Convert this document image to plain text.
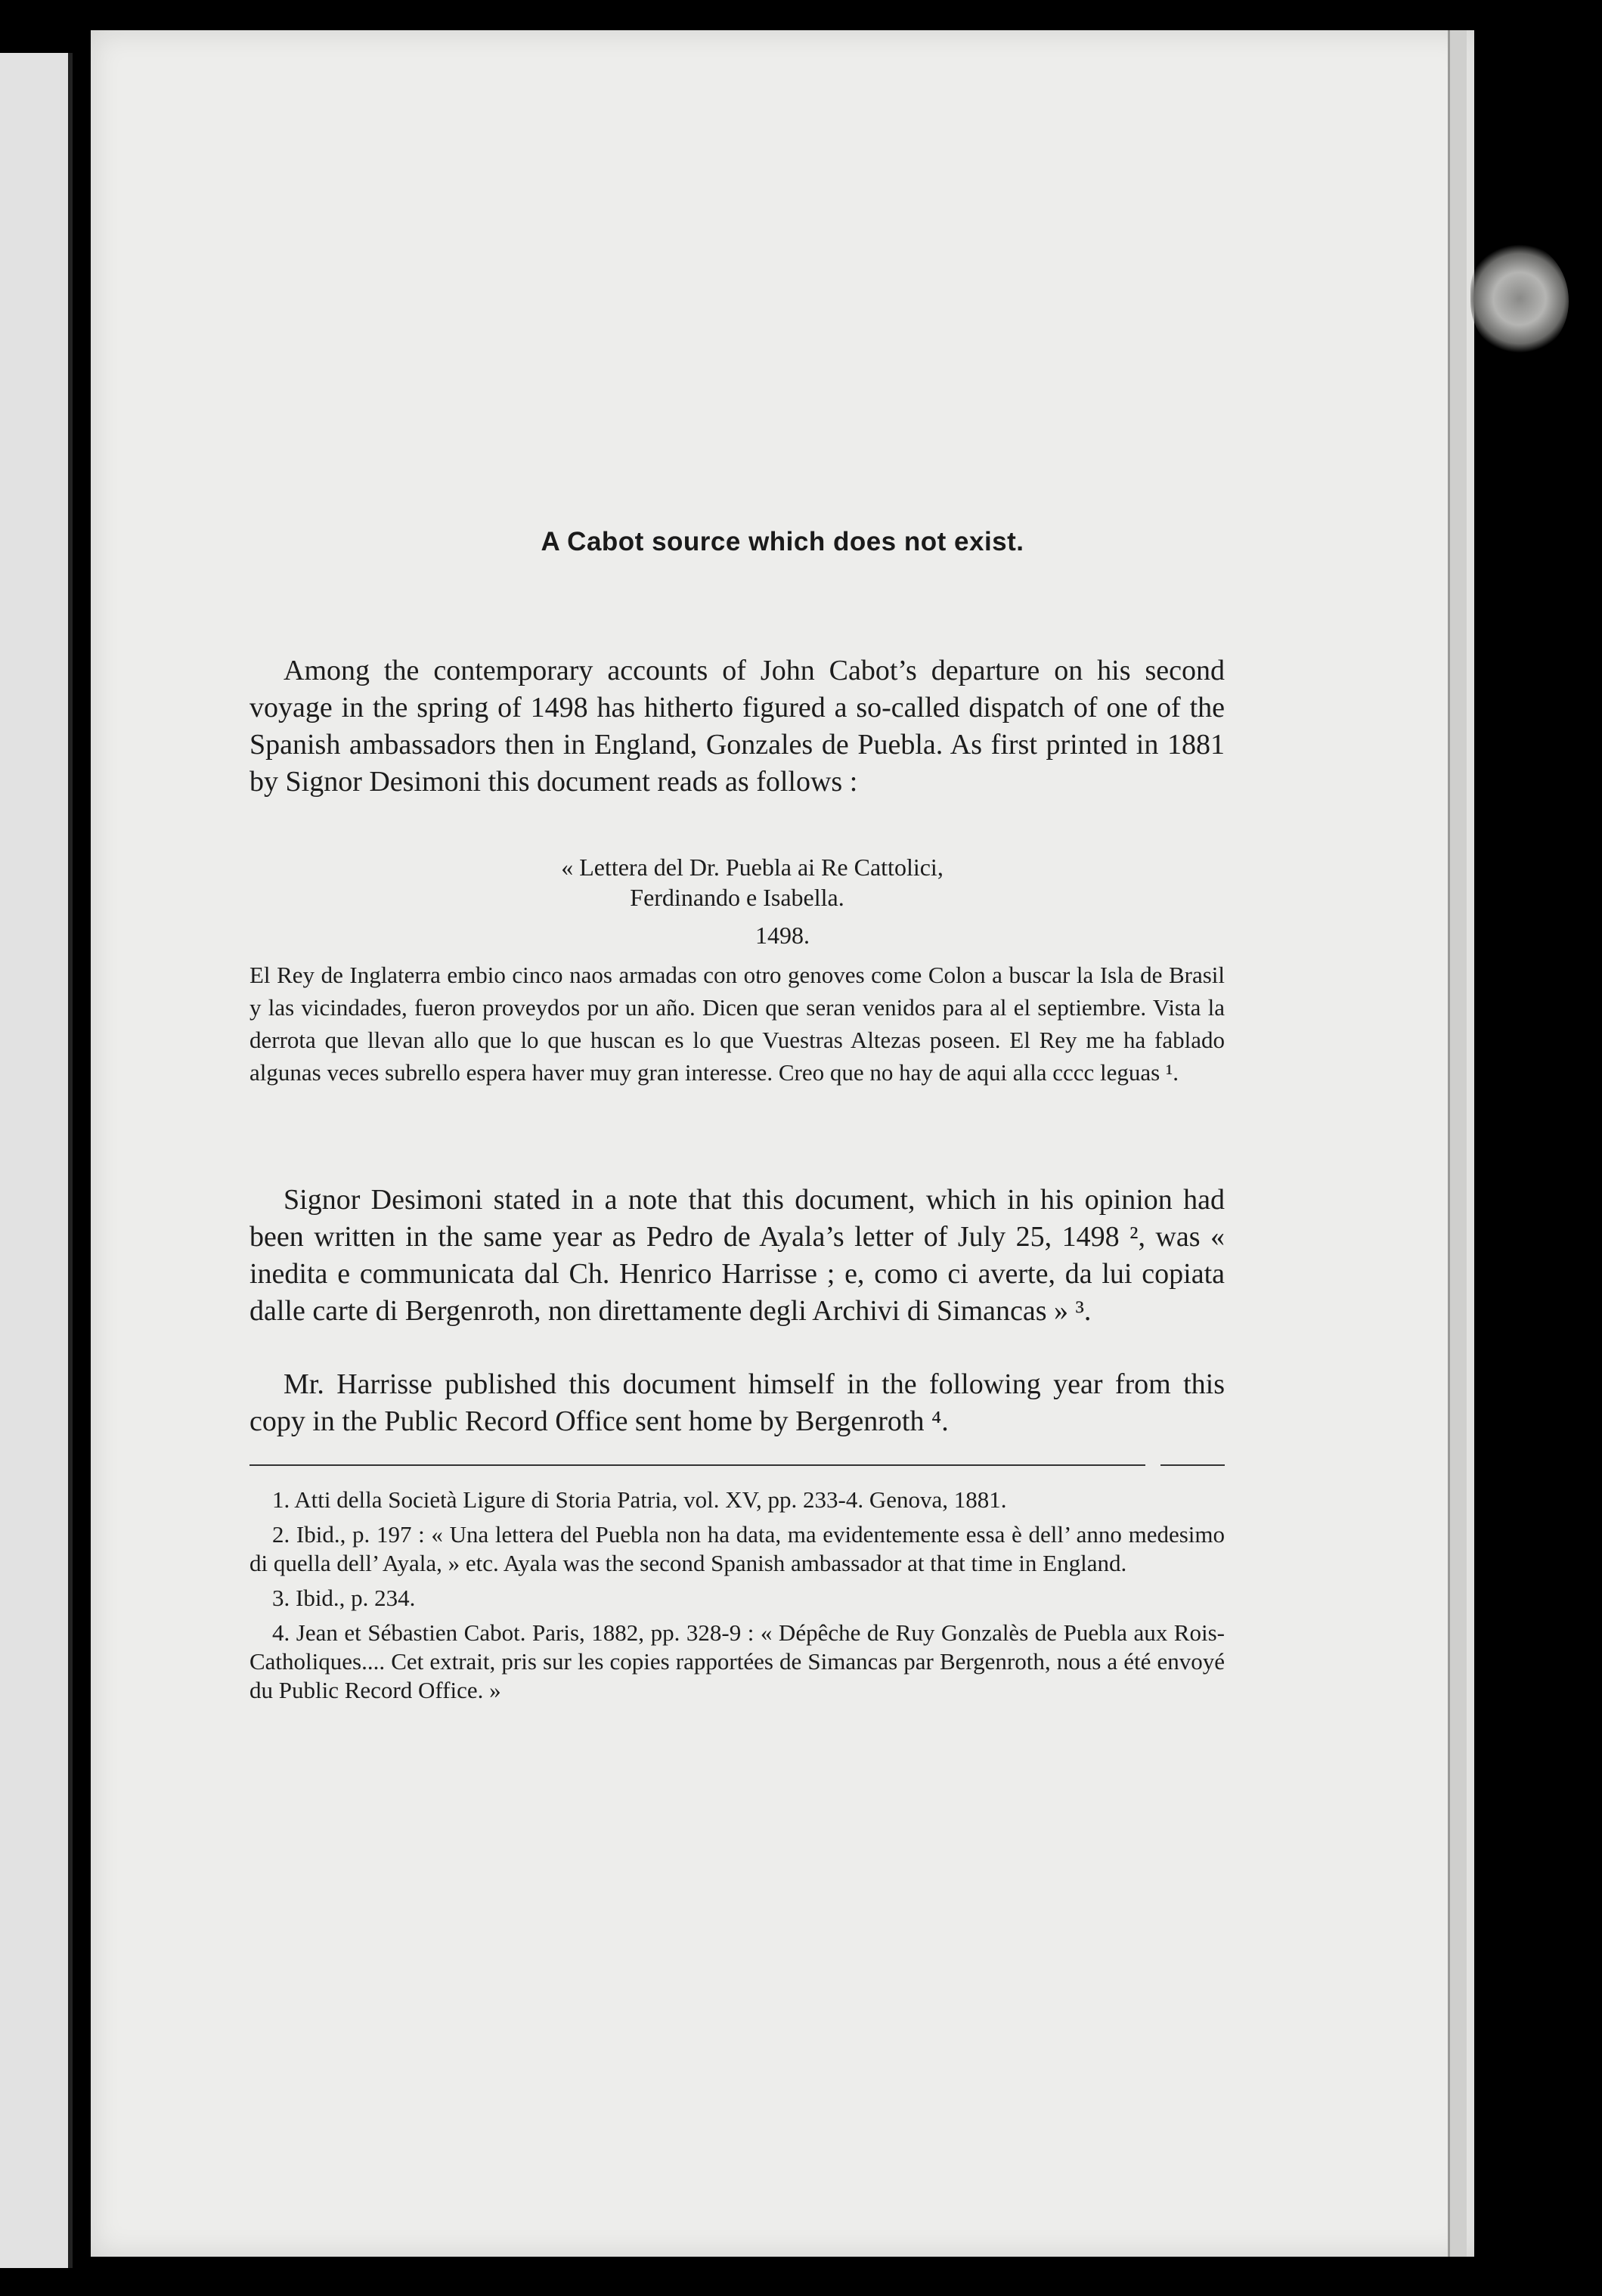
A Cabot source which does not exist.

Among the contemporary accounts of John Cabot’s departure on his second voyage in the spring of 1498 has hitherto figured a so-called dispatch of one of the Spanish ambassadors then in England, Gonzales de Puebla. As first printed in 1881 by Signor Desimoni this document reads as follows :

« Lettera del Dr. Puebla ai Re Cattolici,
Ferdinando e Isabella.
1498.

El Rey de Inglaterra embio cinco naos armadas con otro genoves come Colon a buscar la Isla de Brasil y las vicindades, fueron proveydos por un año. Dicen que seran venidos para al el septiembre. Vista la derrota que llevan allo que lo que huscan es lo que Vuestras Altezas poseen. El Rey me ha fablado algunas veces subrello espera haver muy gran interesse. Creo que no hay de aqui alla cccc leguas ¹.

Signor Desimoni stated in a note that this document, which in his opinion had been written in the same year as Pedro de Ayala’s letter of July 25, 1498 ², was « inedita e communicata dal Ch. Henrico Harrisse ; e, como ci averte, da lui copiata dalle carte di Bergenroth, non direttamente degli Archivi di Simancas » ³.

Mr. Harrisse published this document himself in the following year from this copy in the Public Record Office sent home by Bergenroth ⁴.

1. Atti della Società Ligure di Storia Patria, vol. XV, pp. 233-4. Genova, 1881.

2. Ibid., p. 197 : « Una lettera del Puebla non ha data, ma evidentemente essa è dell’ anno medesimo di quella dell’ Ayala, » etc. Ayala was the second Spanish ambassador at that time in England.

3. Ibid., p. 234.

4. Jean et Sébastien Cabot. Paris, 1882, pp. 328-9 : « Dépêche de Ruy Gonzalès de Puebla aux Rois-Catholiques.... Cet extrait, pris sur les copies rapportées de Simancas par Bergenroth, nous a été envoyé du Public Record Office. »
